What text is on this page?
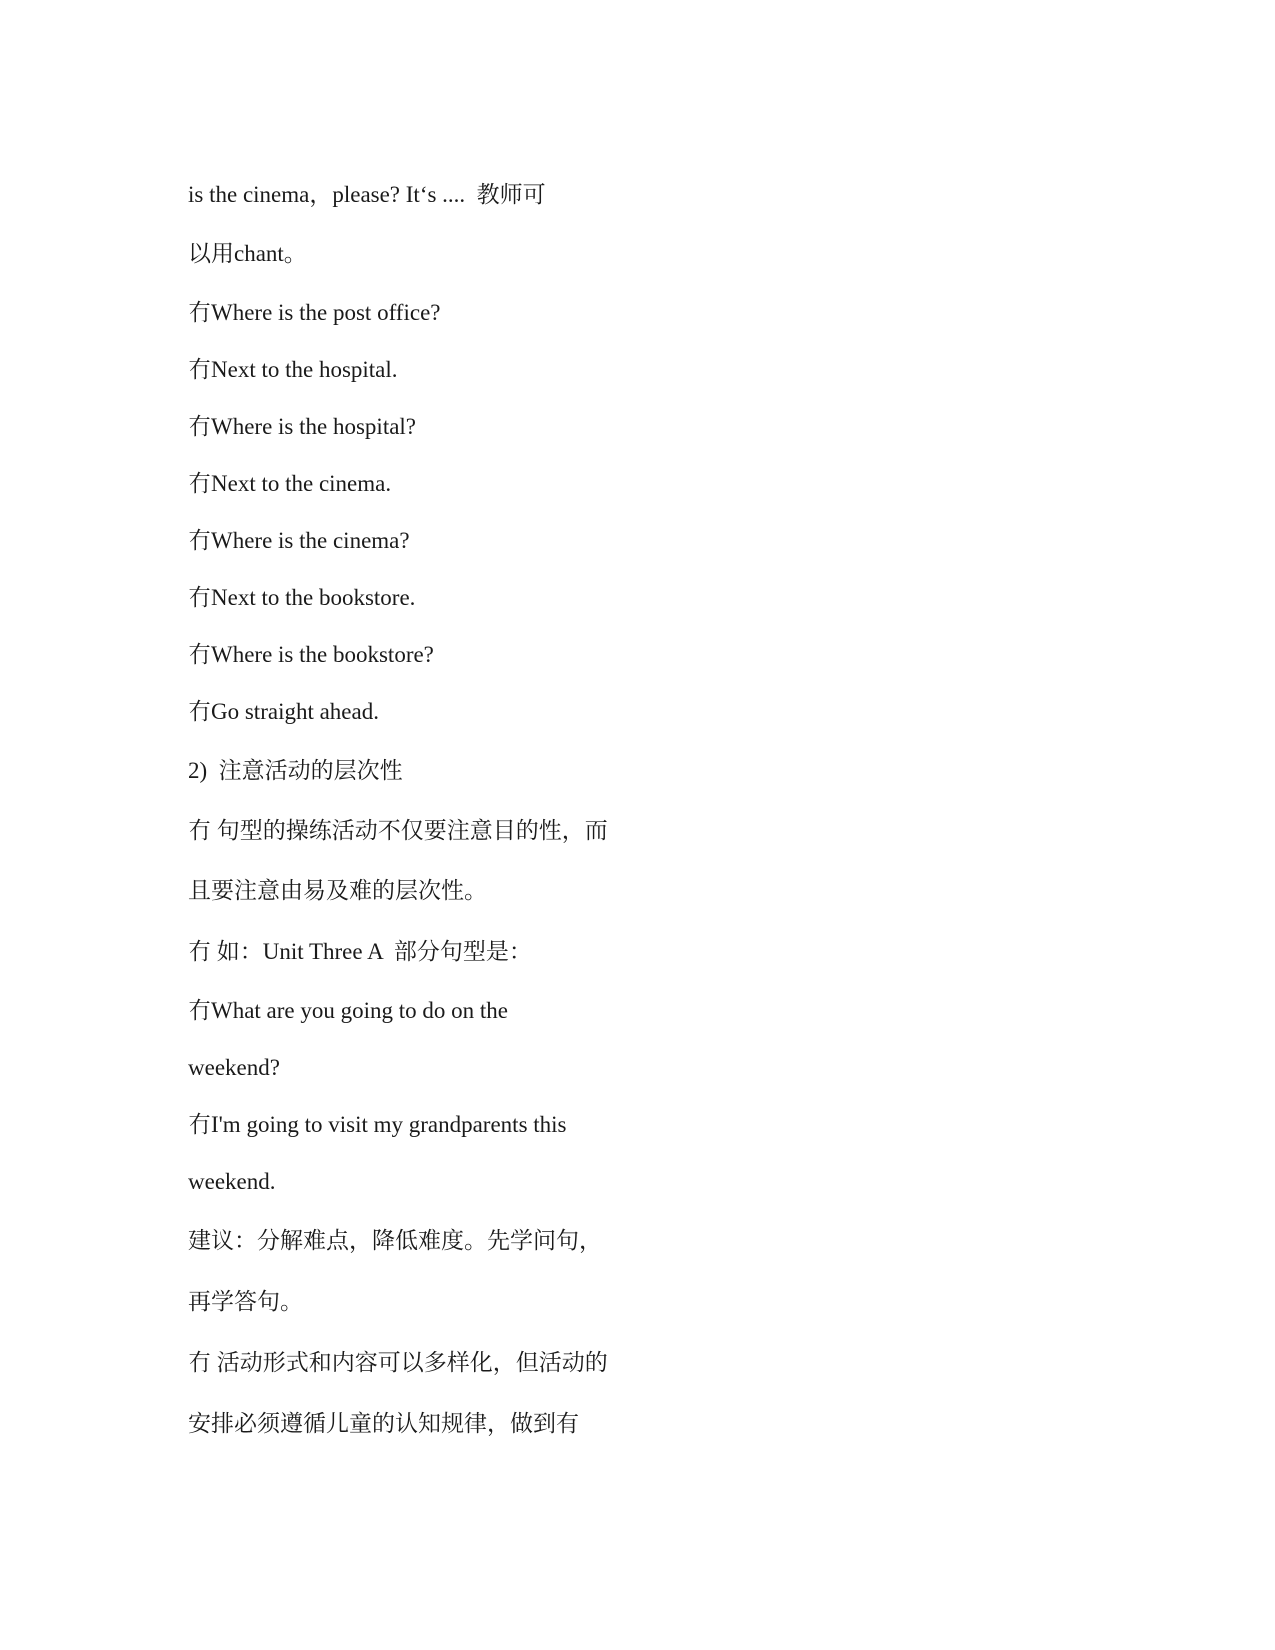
is the cinema，please? It‘s ....  教师可
以用chant。
冇Where is the post office?
冇Next to the hospital.
冇Where is the hospital?
冇Next to the cinema.
冇Where is the cinema?
冇Next to the bookstore.
冇Where is the bookstore?
冇Go straight ahead.
2)  注意活动的层次性
冇 句型的操练活动不仅要注意目的性，而
且要注意由易及难的层次性。
冇 如：Unit Three A  部分句型是：
冇What are you going to do on the
weekend?
冇I'm going to visit my grandparents this
weekend.
建议：分解难点，降低难度。先学问句，
再学答句。
冇 活动形式和内容可以多样化，但活动的
安排必须遵循儿童的认知规律，做到有
